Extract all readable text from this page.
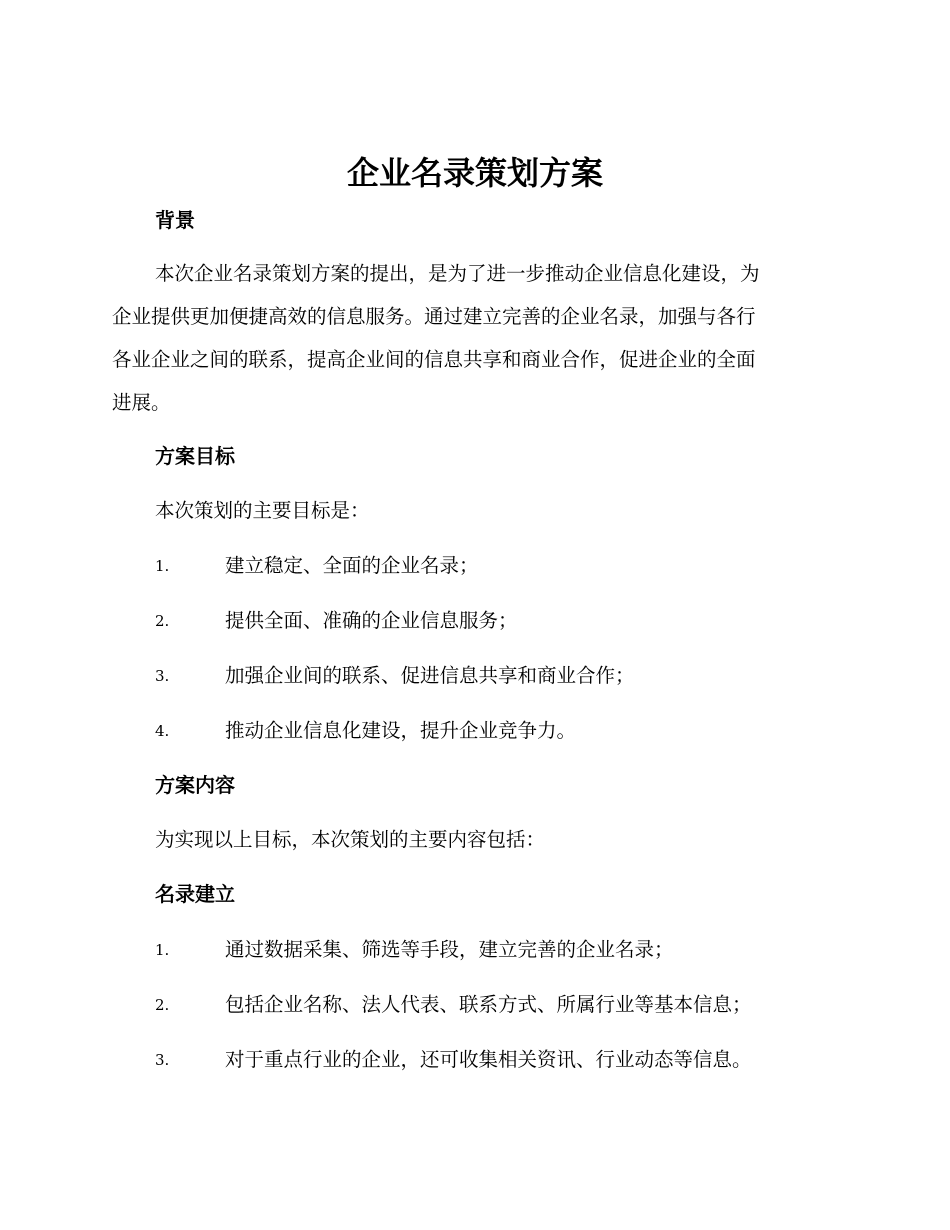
企业名录策划方案
背景

本次企业名录策划方案的提出，是为了进一步推动企业信息化建设，为

企业提供更加便捷高效的信息服务。通过建立完善的企业名录，加强与各行

各业企业之间的联系，提高企业间的信息共享和商业合作，促进企业的全面

进展。

方案目标

本次策划的主要目标是：

1.	建立稳定、全面的企业名录；
2.	提供全面、准确的企业信息服务；
3.	加强企业间的联系、促进信息共享和商业合作；
4.	推动企业信息化建设，提升企业竞争力。
方案内容

为实现以上目标，本次策划的主要内容包括：

名录建立
1.	通过数据采集、筛选等手段，建立完善的企业名录；
2.	包括企业名称、法人代表、联系方式、所属行业等基本信息；
3.	对于重点行业的企业，还可收集相关资讯、行业动态等信息。
